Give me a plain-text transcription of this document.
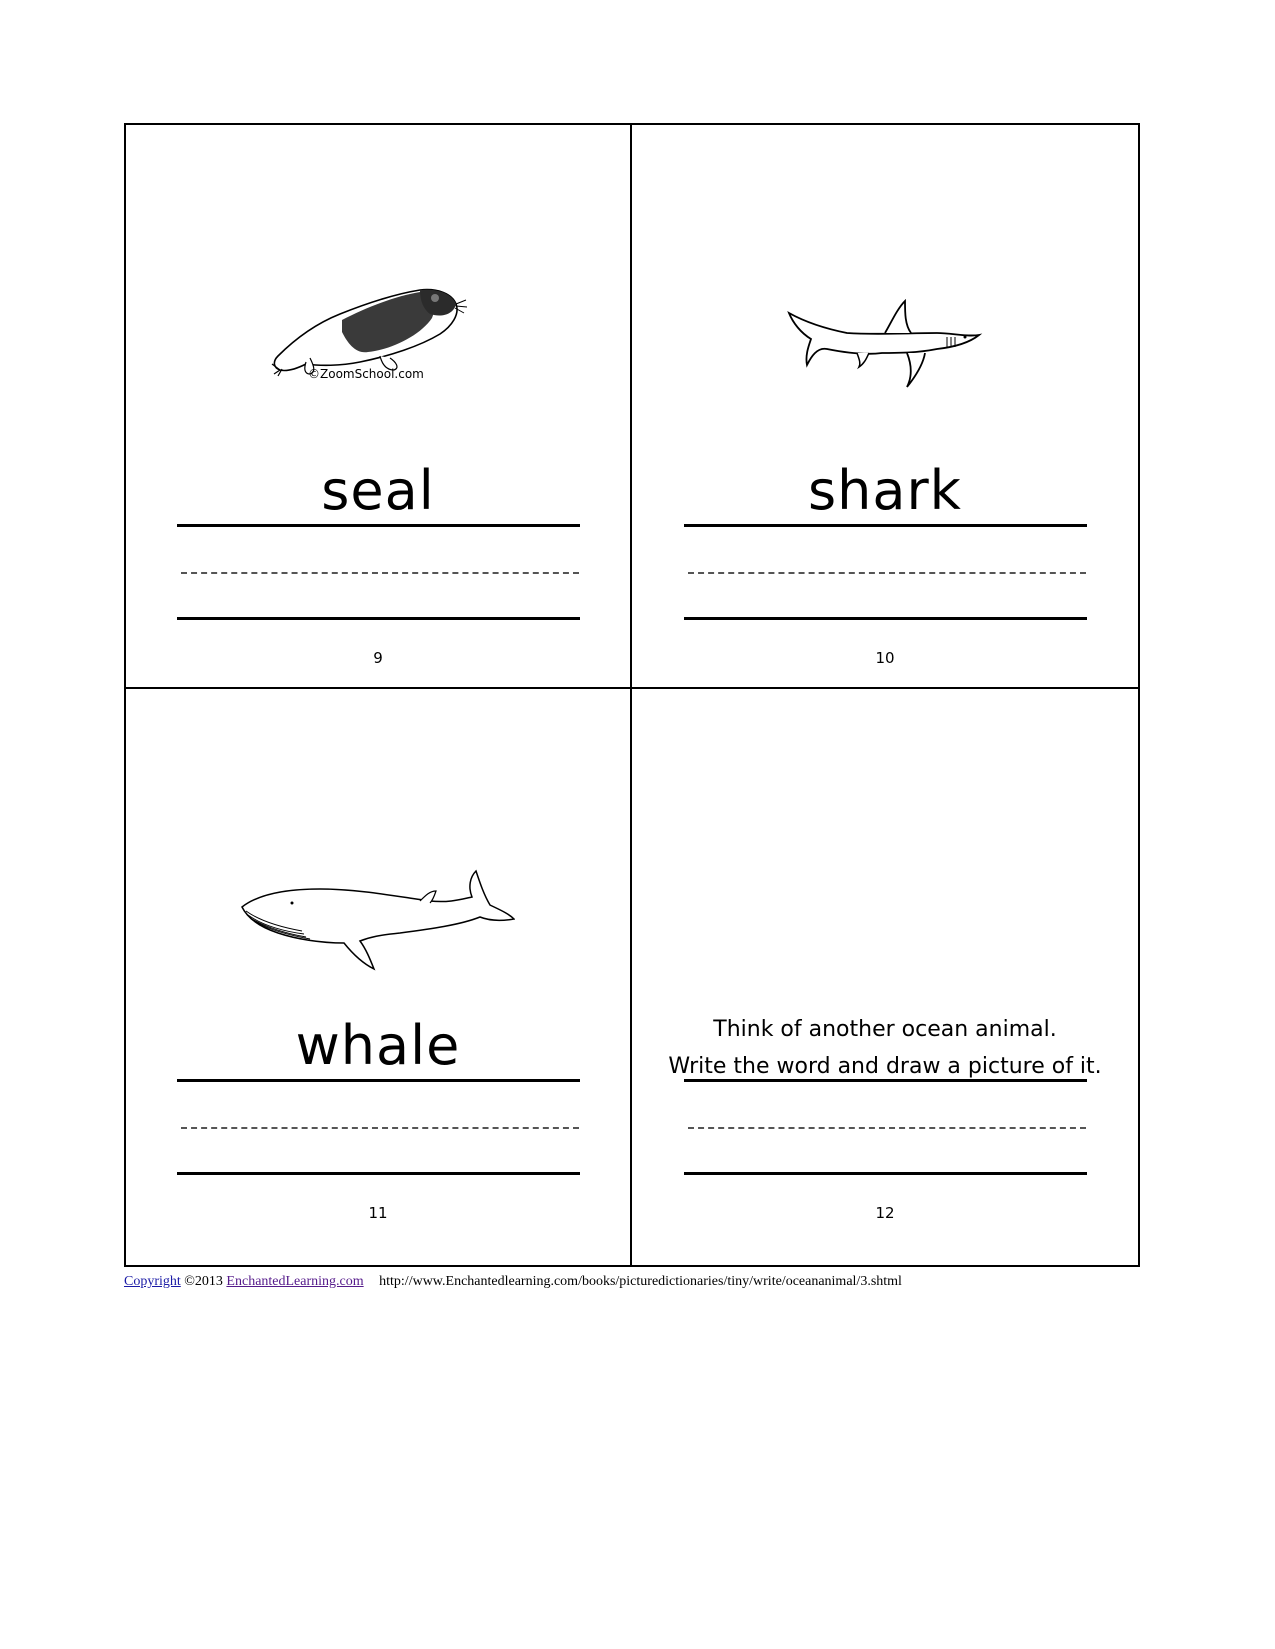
©ZoomSchool.com
seal
9
shark
10
whale
11
Think of another ocean animal.
Write the word and draw a picture of it.
12
Copyright ©2013 EnchantedLearning.com http://www.Enchantedlearning.com/books/picturedictionaries/tiny/write/oceananimal/3.shtml
